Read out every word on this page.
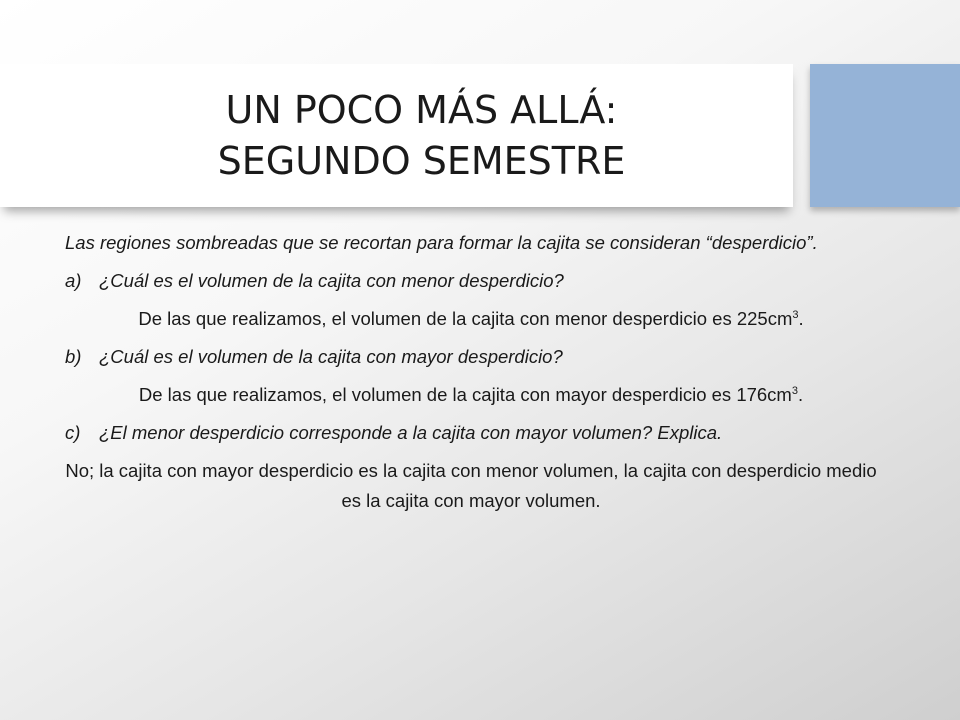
UN POCO MÁS ALLÁ:
SEGUNDO SEMESTRE

Las regiones sombreadas que se recortan para formar la cajita se consideran “desperdicio”.

a) ¿Cuál es el volumen de la cajita con menor desperdicio?

De las que realizamos, el volumen de la cajita con menor desperdicio es $225cm^3$.

b) ¿Cuál es el volumen de la cajita con mayor desperdicio?

De las que realizamos, el volumen de la cajita con mayor desperdicio es $176cm^3$.

c) ¿El menor desperdicio corresponde a la cajita con mayor volumen? Explica.

No; la cajita con mayor desperdicio es la cajita con menor volumen, la cajita con desperdicio medio es la cajita con mayor volumen.
